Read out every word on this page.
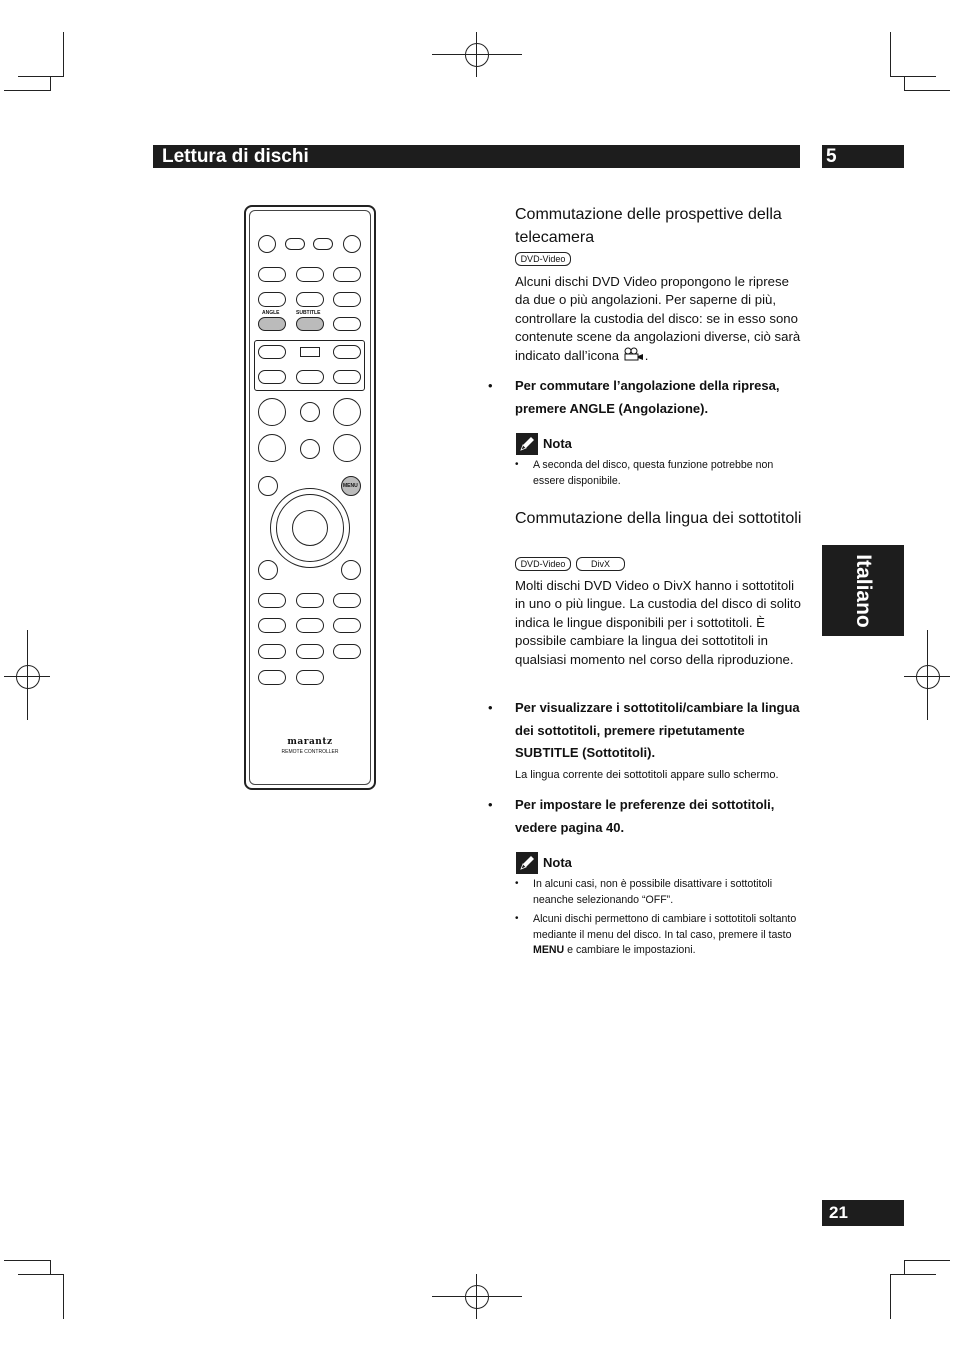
Lettura di dischi	5
Italiano
21
ANGLE	SUBTITLE
MENU
marantz
REMOTE CONTROLLER
Commutazione delle prospettive della telecamera
DVD-Video
Alcuni dischi DVD Video propongono le riprese da due o più angolazioni. Per saperne di più, controllare la custodia del disco: se in esso sono contenute scene da angolazioni diverse, ciò sarà indicato dall’icona .
• Per commutare l’angolazione della ripresa, premere ANGLE (Angolazione).
Nota
• A seconda del disco, questa funzione potrebbe non essere disponibile.
Commutazione della lingua dei sottotitoli
DVD-Video	DivX
Molti dischi DVD Video o DivX hanno i sottotitoli in uno o più lingue. La custodia del disco di solito indica le lingue disponibili per i sottotitoli. È possibile cambiare la lingua dei sottotitoli in qualsiasi momento nel corso della riproduzione.
• Per visualizzare i sottotitoli/cambiare la lingua dei sottotitoli, premere ripetutamente SUBTITLE (Sottotitoli).
La lingua corrente dei sottotitoli appare sullo schermo.
• Per impostare le preferenze dei sottotitoli, vedere pagina 40.
Nota
• In alcuni casi, non è possibile disattivare i sottotitoli neanche selezionando “OFF”.
• Alcuni dischi permettono di cambiare i sottotitoli soltanto mediante il menu del disco. In tal caso, premere il tasto MENU e cambiare le impostazioni.
